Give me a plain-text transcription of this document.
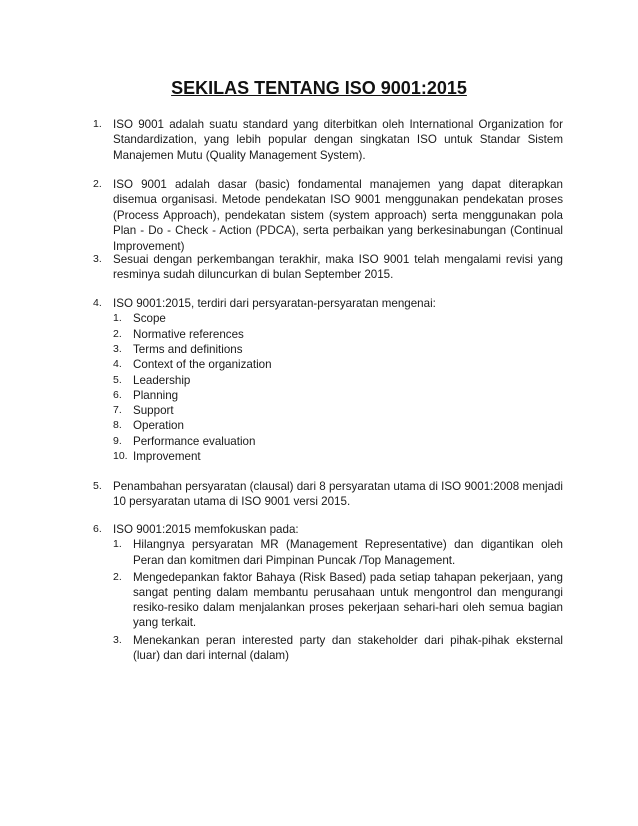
SEKILAS TENTANG ISO 9001:2015
1. ISO 9001 adalah suatu standard yang diterbitkan oleh International Organization for Standardization, yang lebih popular dengan singkatan ISO untuk Standar Sistem Manajemen Mutu (Quality Management System).
2. ISO 9001 adalah dasar (basic) fondamental manajemen yang dapat diterapkan disemua organisasi. Metode pendekatan ISO 9001 menggunakan pendekatan proses (Process Approach), pendekatan sistem (system approach) serta menggunakan pola Plan - Do - Check - Action (PDCA), serta perbaikan yang berkesinabungan (Continual Improvement)
3. Sesuai dengan perkembangan terakhir, maka ISO 9001 telah mengalami revisi yang resminya sudah diluncurkan di bulan September 2015.
4. ISO 9001:2015, terdiri dari persyaratan-persyaratan mengenai:
1. Scope
2. Normative references
3. Terms and definitions
4. Context of the organization
5. Leadership
6. Planning
7. Support
8. Operation
9. Performance evaluation
10. Improvement
5. Penambahan persyaratan (clausal) dari 8 persyaratan utama di ISO 9001:2008 menjadi 10 persyaratan utama di ISO 9001 versi 2015.
6. ISO 9001:2015 memfokuskan pada:
1. Hilangnya persyaratan MR (Management Representative) dan digantikan oleh Peran dan komitmen dari Pimpinan Puncak /Top Management.
2. Mengedepankan faktor Bahaya (Risk Based) pada setiap tahapan pekerjaan, yang sangat penting dalam membantu perusahaan untuk mengontrol dan mengurangi resiko-resiko dalam menjalankan proses pekerjaan sehari-hari oleh semua bagian yang terkait.
3. Menekankan peran interested party dan stakeholder dari pihak-pihak eksternal (luar) dan dari internal (dalam)
